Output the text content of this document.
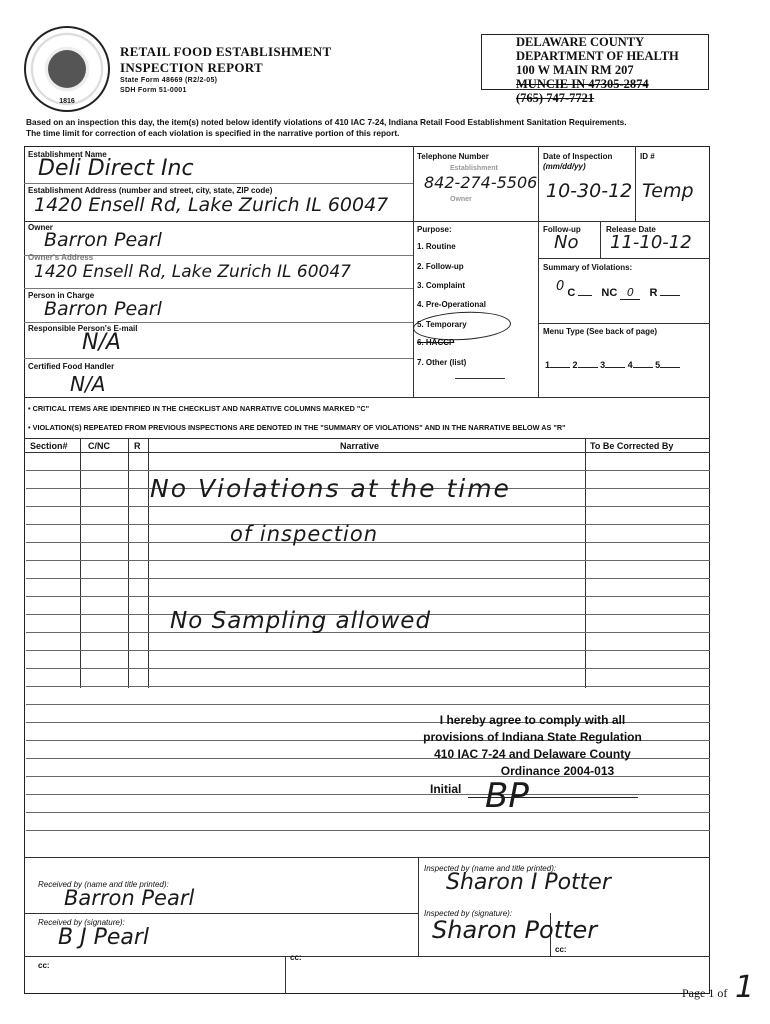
1816
RETAIL FOOD ESTABLISHMENT
INSPECTION REPORT
State Form 48669 (R2/2-05)
SDH Form 51-0001
DELAWARE COUNTY
DEPARTMENT OF HEALTH
100 W MAIN RM 207
MUNCIE IN 47305-2874
(765) 747-7721
Based on an inspection this day, the item(s) noted below identify violations of 410 IAC 7-24, Indiana Retail Food Establishment Sanitation Requirements.
The time limit for correction of each violation is specified in the narrative portion of this report.
Establishment Name
Deli Direct Inc
Establishment Address (number and street, city, state, ZIP code)
1420 Ensell Rd, Lake Zurich IL 60047
Owner
Barron Pearl
Owner's Address
1420 Ensell Rd, Lake Zurich IL 60047
Person in Charge
Barron Pearl
Responsible Person's E-mail
N/A
Certified Food Handler
N/A
Telephone Number
Establishment
Owner
842-274-5506
Date of Inspection
(mm/dd/yy)
10-30-12
ID #
Temp
Purpose:
1. Routine
2. Follow-up
3. Complaint
4. Pre-Operational
5. Temporary
6. HACCP
7. Other (list)
Follow-up
No
Release Date
11-10-12
Summary of Violations:
0 C NC 0 R
Menu Type (See back of page)
1	2	3	4	5
• CRITICAL ITEMS ARE IDENTIFIED IN THE CHECKLIST AND NARRATIVE COLUMNS MARKED "C"
• VIOLATION(S) REPEATED FROM PREVIOUS INSPECTIONS ARE DENOTED IN THE "SUMMARY OF VIOLATIONS" AND IN THE NARRATIVE BELOW AS "R"
Section# C/NC	R	Narrative	To Be Corrected By
No Violations at the time
of inspection
No Sampling allowed
I hereby agree to comply with all
provisions of Indiana State Regulation
410 IAC 7-24 and Delaware County
Ordinance 2004-013
Initial BP
Received by (name and title printed):
Barron Pearl
Received by (signature):
B J Pearl
Inspected by (name and title printed):
Sharon I Potter
Inspected by (signature):
Sharon Potter
cc:
cc:
cc:
Page 1 of 1
